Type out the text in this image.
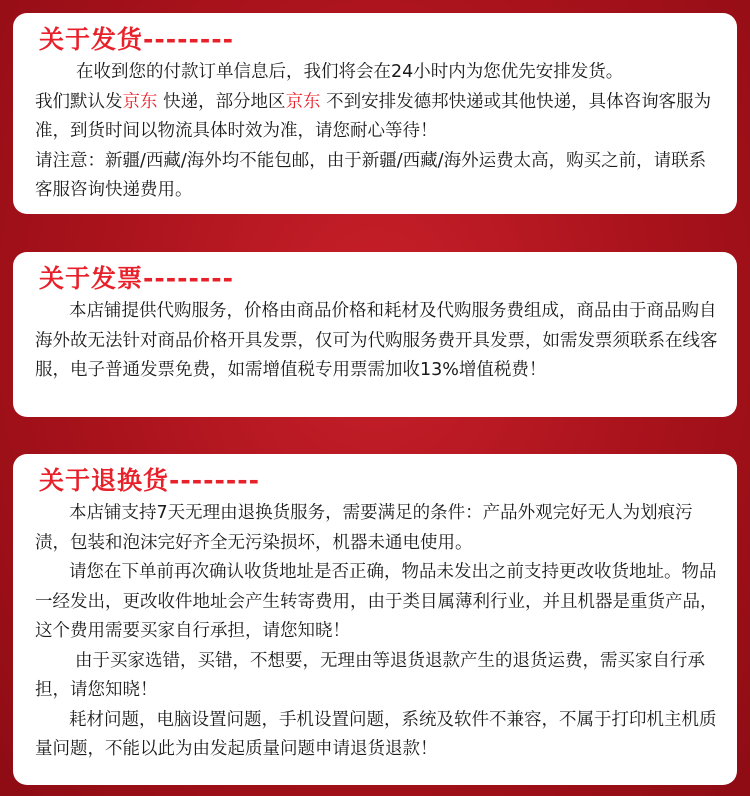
关于发货--------

在收到您的付款订单信息后，我们将会在24小时内为您优先安排发货。

我们默认发京东 快递，部分地区京东 不到安排发德邦快递或其他快递，具体咨询客服为准，到货时间以物流具体时效为准，请您耐心等待！

请注意：新疆/西藏/海外均不能包邮，由于新疆/西藏/海外运费太高，购买之前，请联系客服咨询快递费用。

关于发票--------

本店铺提供代购服务，价格由商品价格和耗材及代购服务费组成，商品由于商品购自海外故无法针对商品价格开具发票，仅可为代购服务费开具发票，如需发票须联系在线客服，电子普通发票免费，如需增值税专用票需加收13%增值税费！

关于退换货--------

本店铺支持7天无理由退换货服务，需要满足的条件：产品外观完好无人为划痕污渍，包装和泡沫完好齐全无污染损坏，机器未通电使用。

请您在下单前再次确认收货地址是否正确，物品未发出之前支持更改收货地址。物品一经发出，更改收件地址会产生转寄费用，由于类目属薄利行业，并且机器是重货产品，这个费用需要买家自行承担，请您知晓！

由于买家选错，买错，不想要，无理由等退货退款产生的退货运费，需买家自行承担，请您知晓！

耗材问题，电脑设置问题，手机设置问题，系统及软件不兼容，不属于打印机主机质量问题，不能以此为由发起质量问题申请退货退款！
